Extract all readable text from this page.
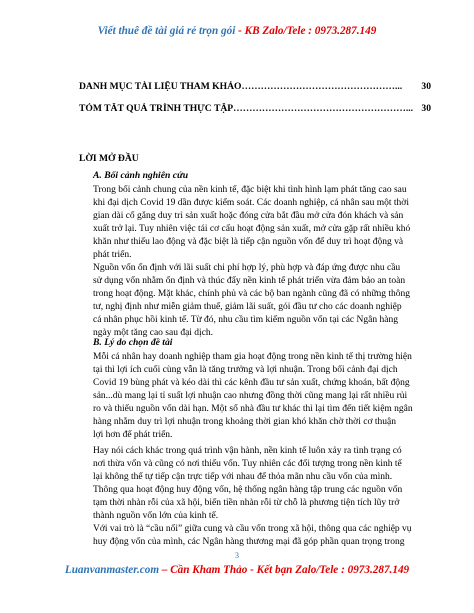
Viết thuê đề tài giá rẻ trọn gói - KB Zalo/Tele : 0973.287.149
DANH MỤC TÀI LIỆU THAM KHẢO…………………………………………... 30
TÓM TẮT QUÁ TRÌNH THỰC TẬP………………………………………………... 30
LỜI MỞ ĐẦU
A. Bối cảnh nghiên cứu
Trong bối cảnh chung của nền kinh tế, đặc biệt khi tình hình lạm phát tăng cao sau
khi đại dịch Covid 19 dần được kiểm soát. Các doanh nghiệp, cá nhân sau một thời
gian dài cố gắng duy trì sản xuất hoặc đóng cửa bắt đầu mở cửa đón khách và sản
xuất trở lại. Tuy nhiên việc tái cơ cấu hoạt động sản xuất, mở cửa gặp rất nhiều khó
khăn như thiếu lao động và đặc biệt là tiếp cận nguồn vốn để duy trì hoạt động và
phát triển.
Nguồn vốn ổn định với lãi suất chi phí hợp lý, phù hợp và đáp ứng được nhu cầu
sử dụng vốn nhằm ổn định và thúc đẩy nền kinh tế phát triển vừa đảm bảo an toàn
trong hoạt động. Mặt khác, chính phủ và các bộ ban ngành cũng đã có những thông
tư, nghị định như miễn giảm thuế, giảm lãi suất, gói đầu tư cho các doanh nghiệp
cá nhân phục hồi kinh tế. Từ đó, nhu cầu tìm kiếm nguồn vốn tại các Ngân hàng
ngày một tăng cao sau đại dịch.
B. Lý do chọn đề tài
Mỗi cá nhân hay doanh nghiệp tham gia hoạt động trong nền kinh tế thị trường hiện
tại thì lợi ích cuối cùng vẫn là tăng trưởng và lợi nhuận. Trong bối cảnh đại dịch
Covid 19 bùng phát và kéo dài thì các kênh đầu tư sản xuất, chứng khoán, bất động
sản...dù mang lại tỉ suất lợi nhuận cao nhưng đồng thời cũng mang lại rất nhiều rủi
ro và thiếu nguồn vốn dài hạn. Một số nhà đầu tư khác thì lại tìm đến tiết kiệm ngân
hàng nhằm duy trì lợi nhuận trong khoảng thời gian khó khăn chờ thời cơ thuận
lợi hơn để phát triển.
Hay nói cách khác trong quá trình vận hành, nền kinh tế luôn xảy ra tình trạng có
nơi thừa vốn và cũng có nơi thiếu vốn. Tuy nhiên các đối tượng trong nền kinh tế
lại không thể tự tiếp cận trực tiếp với nhau để thỏa mãn nhu cầu vốn của mình.
Thông qua hoạt động huy động vốn, hệ thống ngân hàng tập trung các nguồn vốn
tạm thời nhàn rỗi của xã hội, biến tiền nhàn rỗi từ chỗ là phương tiện tích lũy trở
thành nguồn vốn lớn của kinh tế.
Với vai trò là “cầu nối” giữa cung và cầu vốn trong xã hội, thông qua các nghiệp vụ
huy động vốn của mình, các Ngân hàng thương mại đã góp phần quan trọng trong
3
Luanvanmaster.com – Cần Kham Thảo - Kết bạn Zalo/Tele : 0973.287.149
